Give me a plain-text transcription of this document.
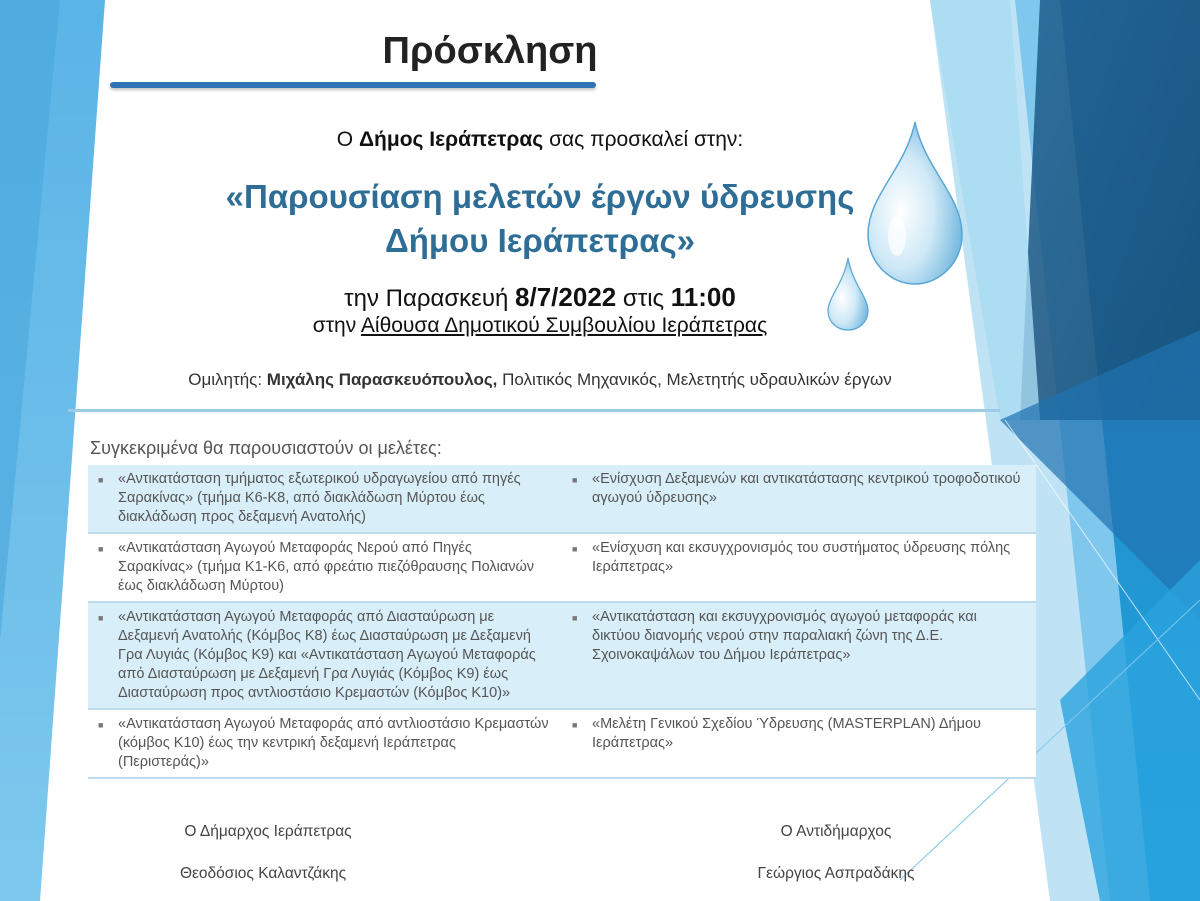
Πρόσκληση
Ο Δήμος Ιεράπετρας σας προσκαλεί στην:
«Παρουσίαση μελετών έργων ύδρευσης
Δήμου Ιεράπετρας»
την Παρασκευή 8/7/2022 στις 11:00
στην Αίθουσα Δημοτικού Συμβουλίου Ιεράπετρας
Ομιλητής: Μιχάλης Παρασκευόπουλος, Πολιτικός Μηχανικός, Μελετητής υδραυλικών έργων
Συγκεκριμένα θα παρουσιαστούν οι μελέτες:
■ «Αντικατάσταση τμήματος εξωτερικού υδραγωγείου από πηγές Σαρακίνας» (τμήμα Κ6-Κ8, από διακλάδωση Μύρτου έως διακλάδωση προς δεξαμενή Ανατολής)	■ «Ενίσχυση Δεξαμενών και αντικατάστασης κεντρικού τροφοδοτικού αγωγού ύδρευσης»
■ «Αντικατάσταση Αγωγού Μεταφοράς Νερού από Πηγές Σαρακίνας» (τμήμα Κ1-Κ6, από φρεάτιο πιεζόθραυσης Πολιανών έως διακλάδωση Μύρτου)	■ «Ενίσχυση και εκσυγχρονισμός του συστήματος ύδρευσης πόλης Ιεράπετρας»
■ «Αντικατάσταση Αγωγού Μεταφοράς από Διασταύρωση με Δεξαμενή Ανατολής (Κόμβος Κ8) έως Διασταύρωση με Δεξαμενή Γρα Λυγιάς (Κόμβος Κ9) και «Αντικατάσταση Αγωγού Μεταφοράς από Διασταύρωση με Δεξαμενή Γρα Λυγιάς (Κόμβος Κ9) έως Διασταύρωση προς αντλιοστάσιο Κρεμαστών (Κόμβος Κ10)»	■ «Αντικατάσταση και εκσυγχρονισμός αγωγού μεταφοράς και δικτύου διανομής νερού στην παραλιακή ζώνη της Δ.Ε. Σχοινοκαψάλων του Δήμου Ιεράπετρας»
■ «Αντικατάσταση Αγωγού Μεταφοράς από αντλιοστάσιο Κρεμαστών (κόμβος Κ10) έως την κεντρική δεξαμενή Ιεράπετρας (Περιστεράς)»	■ «Μελέτη Γενικού Σχεδίου Ύδρευσης (MASTERPLAN) Δήμου Ιεράπετρας»
Ο Δήμαρχος Ιεράπετρας
Θεοδόσιος Καλαντζάκης
Ο Αντιδήμαρχος
Γεώργιος Ασπραδάκης
